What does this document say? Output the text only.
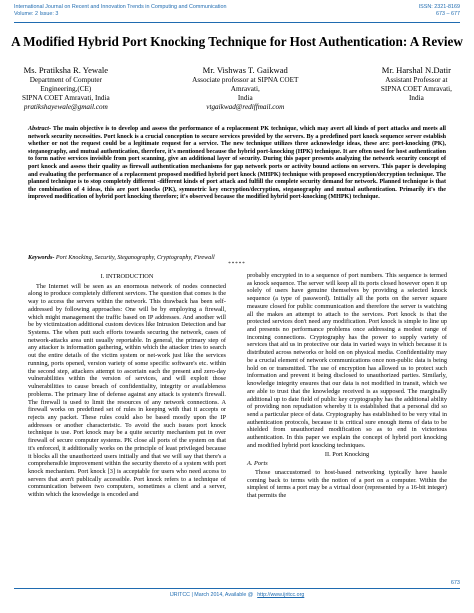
International Journal on Recent and Innovation Trends in Computing and Communication	ISSN: 2321-8169
Volume: 2 Issue: 3	673 – 677
A Modified Hybrid Port Knocking Technique for Host Authentication: A Review
Ms. Pratiksha R. Yewale
Department of Computer
Engineering,(CE)
SIPNA COET Amravati, India
pratikshayewale@gmail.com
Mr. Vishwas T. Gaikwad
Associate professor at SIPNA COET
Amravati,
India
vtgaikwad@rediffmail.com
Mr. Harshal N.Datir
Assistant Professor at
SIPNA COET Amravati,
India
Abstract- The main objective is to develop and assess the performance of a replacement PK technique, which may avert all kinds of port attacks and meets all network security necessities. Port knock is a crucial conception to secure services provided by the servers. By a predefined port knock sequence server establish whether or not the request could be a legitimate request for a service. The new technique utilizes three acknowledge ideas, these are: port-knocking (PK), steganography, and mutual authentication, therefore, it's mentioned because the hybrid port-knocking (HPK) technique. It are often used for host authentication to form native services invisible from port scanning, give an additional layer of security. During this paper presents analyzing the network security concept of port knock and assess their quality as firewall authentication mechanisms for gap network ports or activity bound actions on servers. This paper is developing and evaluating the performance of a replacement proposed modified hybrid port knock (MHPK) technique with proposed encryption/decryption technique. The planned technique is to stop completely different -different kinds of port attack and fulfill the complete security demand for network. Planned technique is that the combination of 4 ideas, this are port knocks (PK), symmetric key encryption/decryption, steganography and mutual authentication. Primarily it's the improved modification of hybrid port knocking therefore; it's observed because the modified hybrid port-knocking (MHPK) technique.
Keywords- Port Knocking, Security, Steganography, Cryptography, Firewall
*****
I. INTRODUCTION

The Internet will be seen as an enormous network of nodes connected along to produce completely different services. The question that comes is the way to access the servers within the network. This drawback has been self-addressed by following approaches: One will be by employing a firewall, which might management the traffic based on IP addresses. And another will be by victimization additional custom devices like Intrusion Detection and bar Systems. The when putt such efforts towards securing the network, cases of network-attacks area unit usually reportable. In general, the primary step of any attacker is information gathering, within which the attacker tries to search out the entire details of the victim system or net-work just like the services running, ports opened, version variety of some specific software's etc. within the second step, attackers attempt to ascertain each the present and zero-day vulnerabilities within the version of services, and will exploit those vulnerabilities to cause breach of confidentiality, integrity or availableness problems. The primary line of defense against any attack is system's firewall. The firewall is used to limit the resources of any network connections. A firewall works on predefined set of rules in keeping with that it accepts or rejects any packet. These rules could also be based mostly upon the IP addresses or another characteristic. To avoid the such issues port knock technique is use. Port knock may be a quite security mechanism put in over firewall of secure computer systems. PK close all ports of the system on that it's enforced, it additionally works on the principle of least privileged because it blocks all the unauthorized users initially and that we will say that there's a comprehensible improvement within the security thereto of a system with port knock mechanism. Port knock [3] is acceptable for users who need access to servers that aren't publically accessible. Port knock refers to a technique of communication between two computers, sometimes a client and a server, within which the knowledge is encoded and

probably encrypted in to a sequence of port numbers. This sequence is termed as knock sequence. The server will keep all its ports closed however open it up solely of users have genuine themselves by providing a selected knock sequence (a type of password). Initially all the ports on the server square measure closed for public communication and therefore the server is watching all the makes an attempt to attach to the services. Port knock is that the protected services don't need any modification. Port knock is simple to line up and presents no performance problems once addressing a modest range of incoming connections. Cryptography has the power to supply variety of services that aid us in protective our data in varied ways in which because it is distributed across networks or hold on on physical media. Confidentiality may be a crucial element of network communications once non-public data is being hold on or transmitted. The use of encryption has allowed us to protect such information and prevent it being disclosed to unauthorized parties. Similarly, knowledge integrity ensures that our data is not modified in transit, which we are able to trust that the knowledge received is as supposed. The marginally additional up to date field of public key cryptography has the additional ability of providing non repudiation whereby it is established that a personal did so send a particular piece of data. Cryptography has established to be very vital in authentication protocols, because it is critical sure enough items of data to be shielded from unauthorized modification so as to end in victorious authentication. In this paper we explain the concept of hybrid port knocking and modified hybrid port knocking techniques.

II. Port Knocking
A. Ports

Those unaccustomed to host-based networking typically have hassle coming back to terms with the notion of a port on a computer. Within the simplest of terms a port may be a virtual door (represented by a 16-bit integer) that permits the

673
IJRITCC | March 2014, Available @ http://www.ijritcc.org
